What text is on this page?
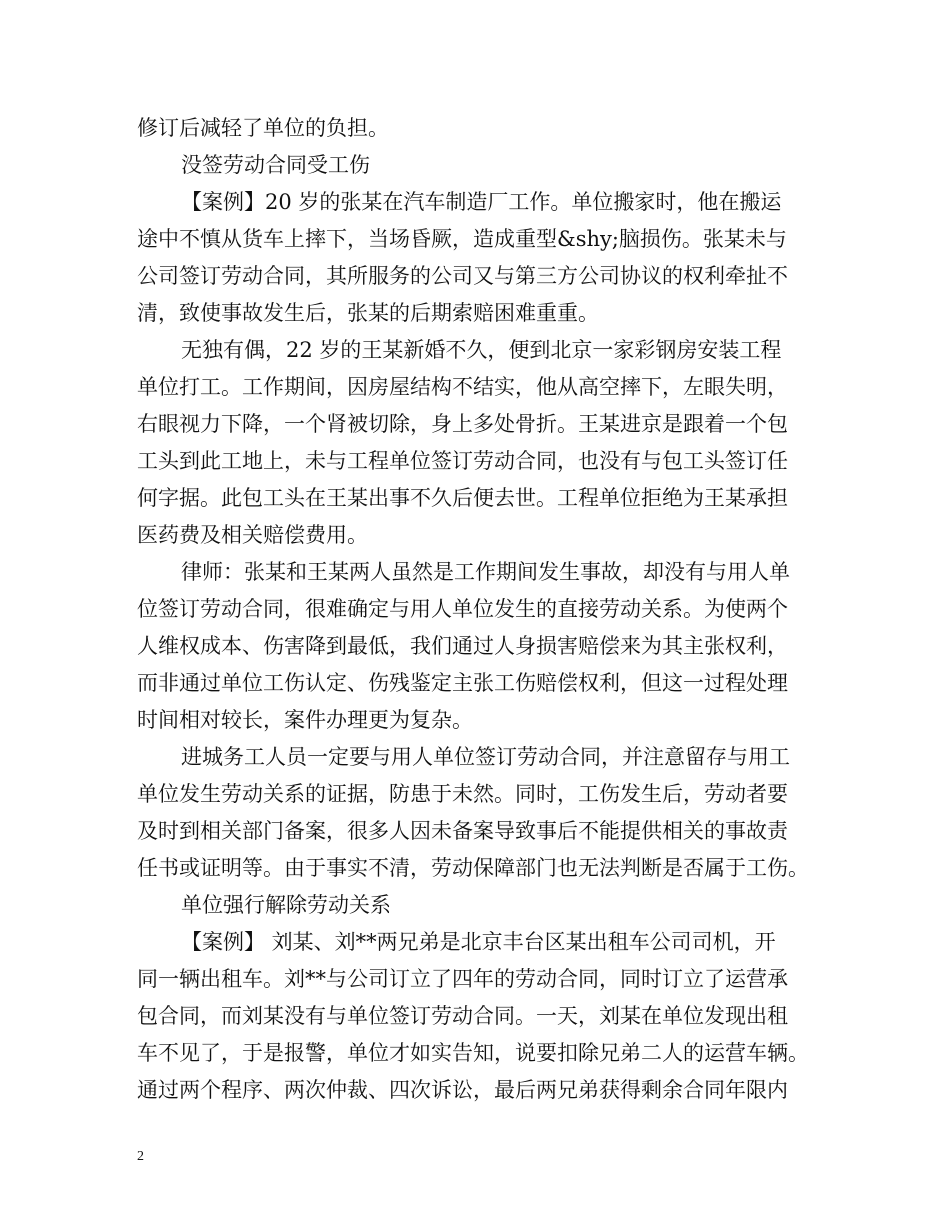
修订后减轻了单位的负担。
没签劳动合同受工伤
【案例】20 岁的张某在汽车制造厂工作。单位搬家时，他在搬运
途中不慎从货车上摔下，当场昏厥，造成重型&shy;脑损伤。张某未与
公司签订劳动合同，其所服务的公司又与第三方公司协议的权利牵扯不
清，致使事故发生后，张某的后期索赔困难重重。
无独有偶，22 岁的王某新婚不久，便到北京一家彩钢房安装工程
单位打工。工作期间，因房屋结构不结实，他从高空摔下，左眼失明，
右眼视力下降，一个肾被切除，身上多处骨折。王某进京是跟着一个包
工头到此工地上，未与工程单位签订劳动合同，也没有与包工头签订任
何字据。此包工头在王某出事不久后便去世。工程单位拒绝为王某承担
医药费及相关赔偿费用。
律师：张某和王某两人虽然是工作期间发生事故，却没有与用人单
位签订劳动合同，很难确定与用人单位发生的直接劳动关系。为使两个
人维权成本、伤害降到最低，我们通过人身损害赔偿来为其主张权利，
而非通过单位工伤认定、伤残鉴定主张工伤赔偿权利，但这一过程处理
时间相对较长，案件办理更为复杂。
进城务工人员一定要与用人单位签订劳动合同，并注意留存与用工
单位发生劳动关系的证据，防患于未然。同时，工伤发生后，劳动者要
及时到相关部门备案，很多人因未备案导致事后不能提供相关的事故责
任书或证明等。由于事实不清，劳动保障部门也无法判断是否属于工伤。
单位强行解除劳动关系
【案例】 刘某、刘**两兄弟是北京丰台区某出租车公司司机，开
同一辆出租车。刘**与公司订立了四年的劳动合同，同时订立了运营承
包合同，而刘某没有与单位签订劳动合同。一天，刘某在单位发现出租
车不见了，于是报警，单位才如实告知，说要扣除兄弟二人的运营车辆。
通过两个程序、两次仲裁、四次诉讼，最后两兄弟获得剩余合同年限内
2
